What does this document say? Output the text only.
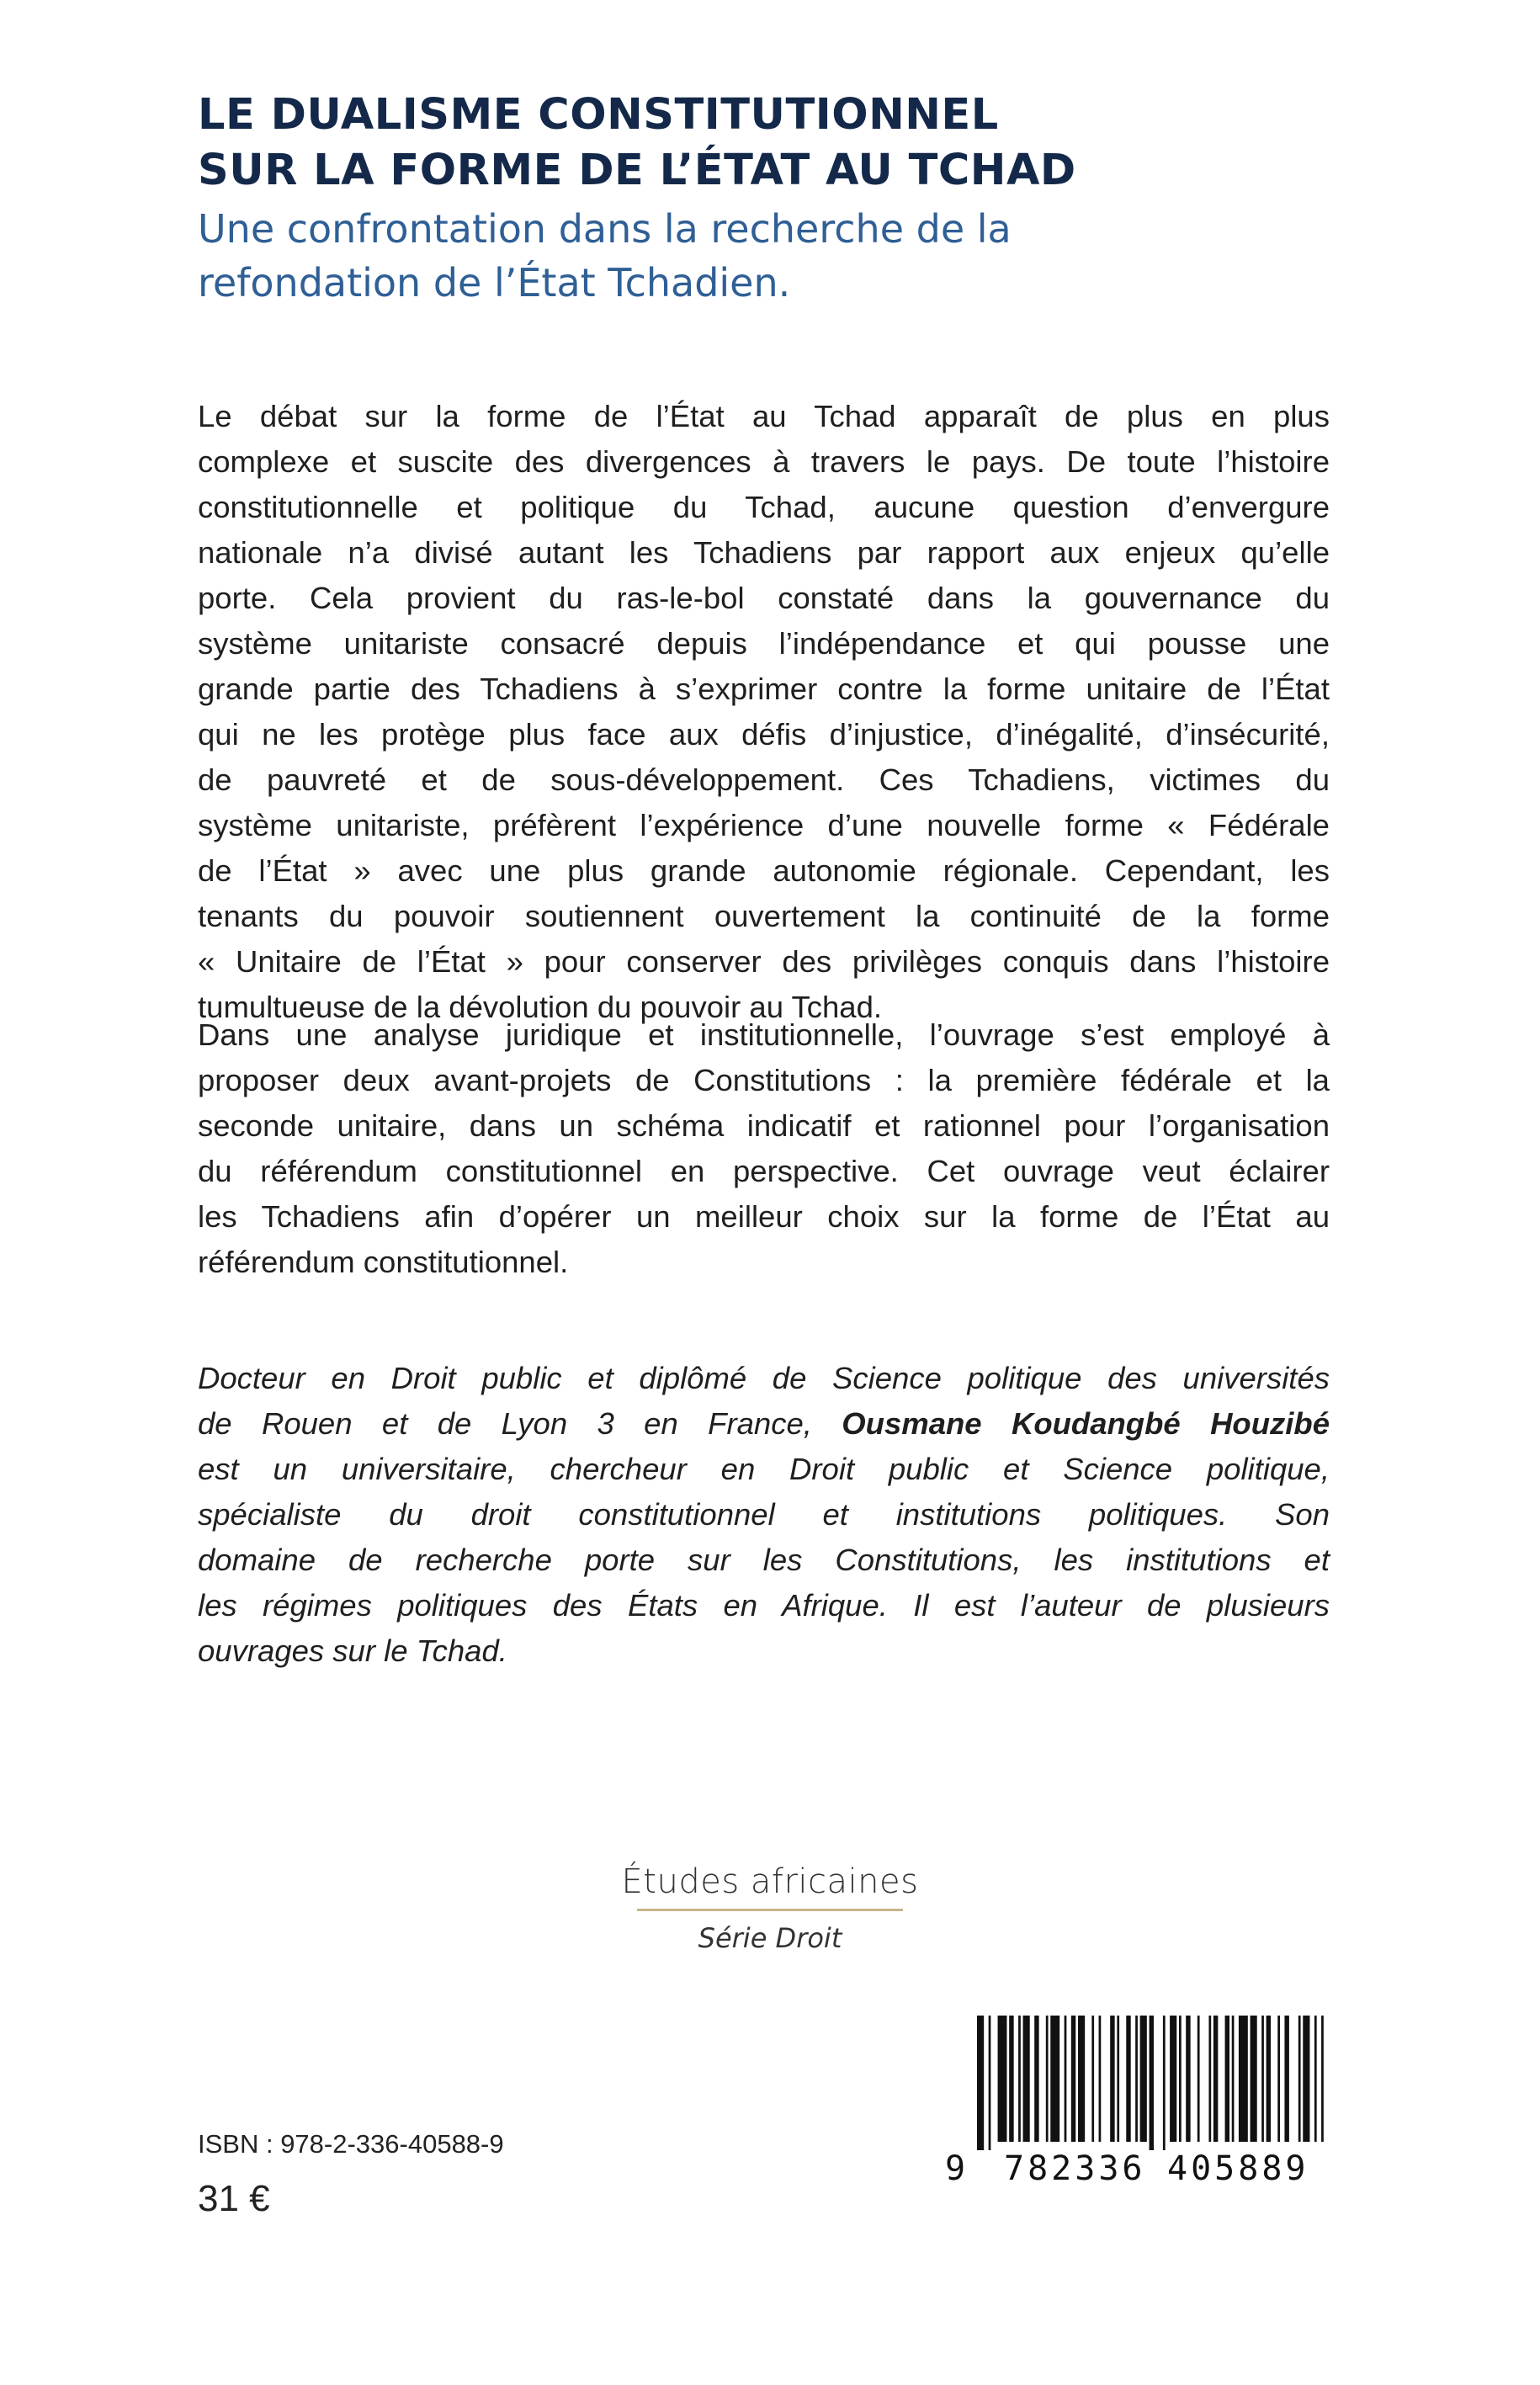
LE DUALISME CONSTITUTIONNEL
SUR LA FORME DE L’ÉTAT AU TCHAD
Une confrontation dans la recherche de la
refondation de l’État Tchadien.
Le débat sur la forme de l’État au Tchad apparaît de plus en plus
complexe et suscite des divergences à travers le pays. De toute l’histoire
constitutionnelle et politique du Tchad, aucune question d’envergure
nationale n’a divisé autant les Tchadiens par rapport aux enjeux qu’elle
porte. Cela provient du ras-le-bol constaté dans la gouvernance du
système unitariste consacré depuis l’indépendance et qui pousse une
grande partie des Tchadiens à s’exprimer contre la forme unitaire de l’État
qui ne les protège plus face aux défis d’injustice, d’inégalité, d’insécurité,
de pauvreté et de sous-développement. Ces Tchadiens, victimes du
système unitariste, préfèrent l’expérience d’une nouvelle forme « Fédérale
de l’État » avec une plus grande autonomie régionale. Cependant, les
tenants du pouvoir soutiennent ouvertement la continuité de la forme
« Unitaire de l’État » pour conserver des privilèges conquis dans l’histoire
tumultueuse de la dévolution du pouvoir au Tchad.
Dans une analyse juridique et institutionnelle, l’ouvrage s’est employé à
proposer deux avant-projets de Constitutions : la première fédérale et la
seconde unitaire, dans un schéma indicatif et rationnel pour l’organisation
du référendum constitutionnel en perspective. Cet ouvrage veut éclairer
les Tchadiens afin d’opérer un meilleur choix sur la forme de l’État au
référendum constitutionnel.
Docteur en Droit public et diplômé de Science politique des universités
de Rouen et de Lyon 3 en France, Ousmane Koudangbé Houzibé
est un universitaire, chercheur en Droit public et Science politique,
spécialiste du droit constitutionnel et institutions politiques. Son
domaine de recherche porte sur les Constitutions, les institutions et
les régimes politiques des États en Afrique. Il est l’auteur de plusieurs
ouvrages sur le Tchad.
Études africaines
Série Droit
ISBN : 978-2-336-40588-9
31 €
9 782336 405889
